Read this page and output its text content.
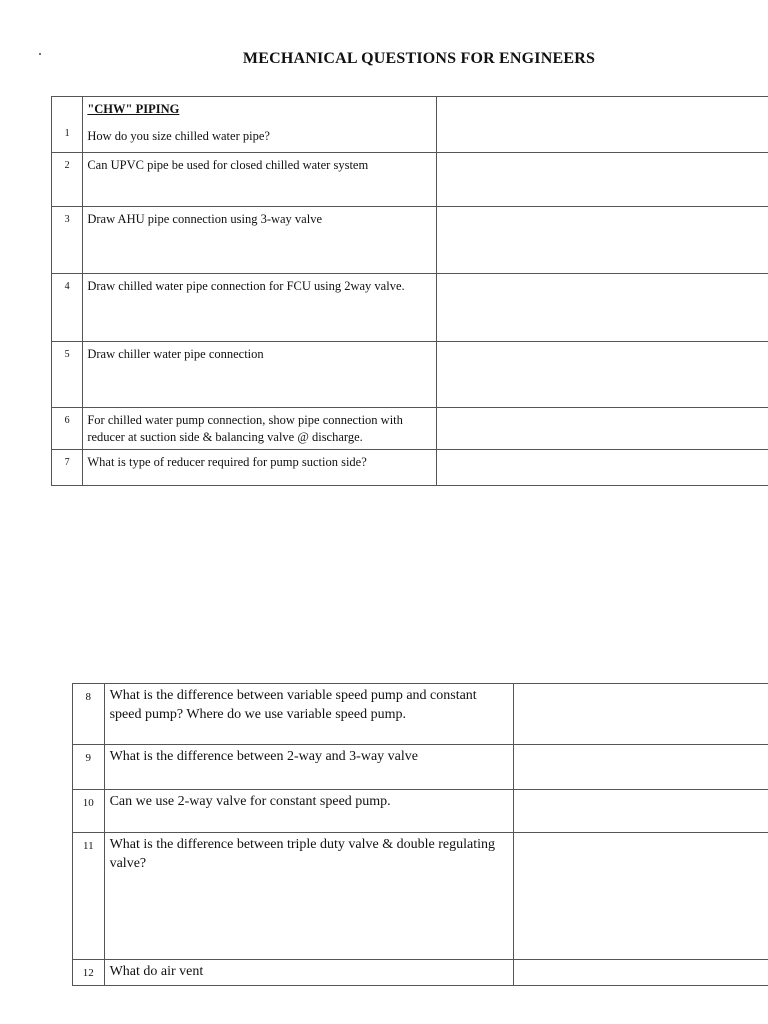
MECHANICAL QUESTIONS FOR ENGINEERS
1	"CHW" PIPING
How do you size chilled water pipe?	
2	Can UPVC pipe be used for closed chilled water system	
3	Draw AHU pipe connection using 3-way valve	
4	Draw chilled water pipe connection for FCU using 2way valve.	
5	Draw chiller water pipe connection	
6	For chilled water pump connection, show pipe connection with reducer at suction side & balancing valve @ discharge.	
7	What is type of reducer required for pump suction side?	
8	What is the difference between variable speed pump and constant speed pump? Where do we use variable speed pump.	
9	What is the difference between 2-way and 3-way valve	
10	Can we use 2-way valve for constant speed pump.	
11	What is the difference between triple duty valve & double regulating valve?	
12	What do air vent	
